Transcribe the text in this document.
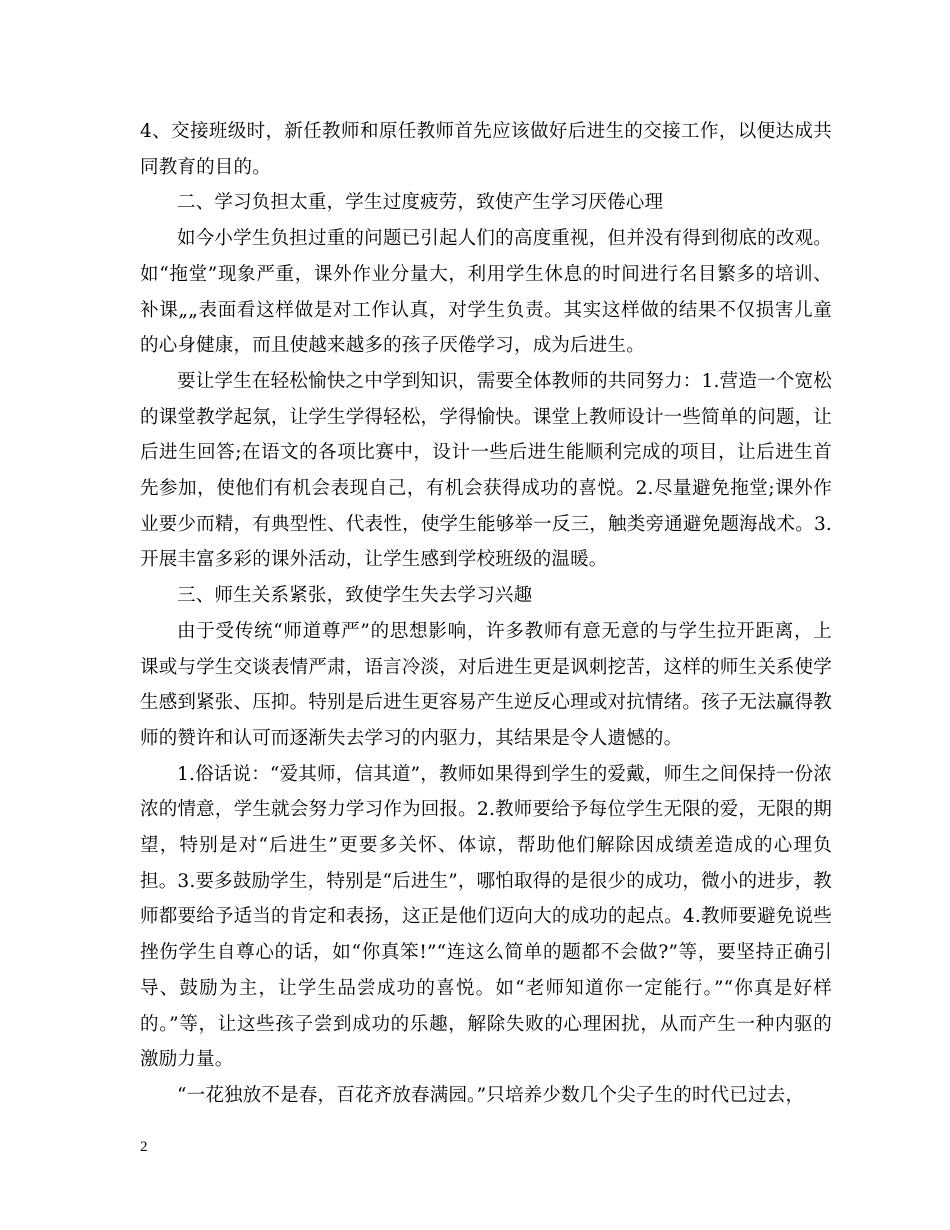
4、交接班级时，新任教师和原任教师首先应该做好后进生的交接工作，以便达成共同教育的目的。

二、学习负担太重，学生过度疲劳，致使产生学习厌倦心理

如今小学生负担过重的问题已引起人们的高度重视，但并没有得到彻底的改观。如“拖堂”现象严重，课外作业分量大，利用学生休息的时间进行名目繁多的培训、补课„„表面看这样做是对工作认真，对学生负责。其实这样做的结果不仅损害儿童的心身健康，而且使越来越多的孩子厌倦学习，成为后进生。

要让学生在轻松愉快之中学到知识，需要全体教师的共同努力：1.营造一个宽松的课堂教学起氛，让学生学得轻松，学得愉快。课堂上教师设计一些简单的问题，让后进生回答;在语文的各项比赛中，设计一些后进生能顺利完成的项目，让后进生首先参加，使他们有机会表现自己，有机会获得成功的喜悦。2.尽量避免拖堂;课外作业要少而精，有典型性、代表性，使学生能够举一反三，触类旁通避免题海战术。3.开展丰富多彩的课外活动，让学生感到学校班级的温暖。

三、师生关系紧张，致使学生失去学习兴趣

由于受传统“师道尊严”的思想影响，许多教师有意无意的与学生拉开距离，上课或与学生交谈表情严肃，语言冷淡，对后进生更是讽刺挖苦，这样的师生关系使学生感到紧张、压抑。特别是后进生更容易产生逆反心理或对抗情绪。孩子无法赢得教师的赞许和认可而逐渐失去学习的内驱力，其结果是令人遗憾的。

1.俗话说：“爱其师，信其道”，教师如果得到学生的爱戴，师生之间保持一份浓浓的情意，学生就会努力学习作为回报。2.教师要给予每位学生无限的爱，无限的期望，特别是对“后进生”更要多关怀、体谅，帮助他们解除因成绩差造成的心理负担。3.要多鼓励学生，特别是“后进生”，哪怕取得的是很少的成功，微小的进步，教师都要给予适当的肯定和表扬，这正是他们迈向大的成功的起点。4.教师要避免说些挫伤学生自尊心的话，如“你真笨!”“连这么简单的题都不会做?”等，要坚持正确引导、鼓励为主，让学生品尝成功的喜悦。如“老师知道你一定能行。”“你真是好样的。”等，让这些孩子尝到成功的乐趣，解除失败的心理困扰，从而产生一种内驱的激励力量。

“一花独放不是春，百花齐放春满园。”只培养少数几个尖子生的时代已过去，

2
